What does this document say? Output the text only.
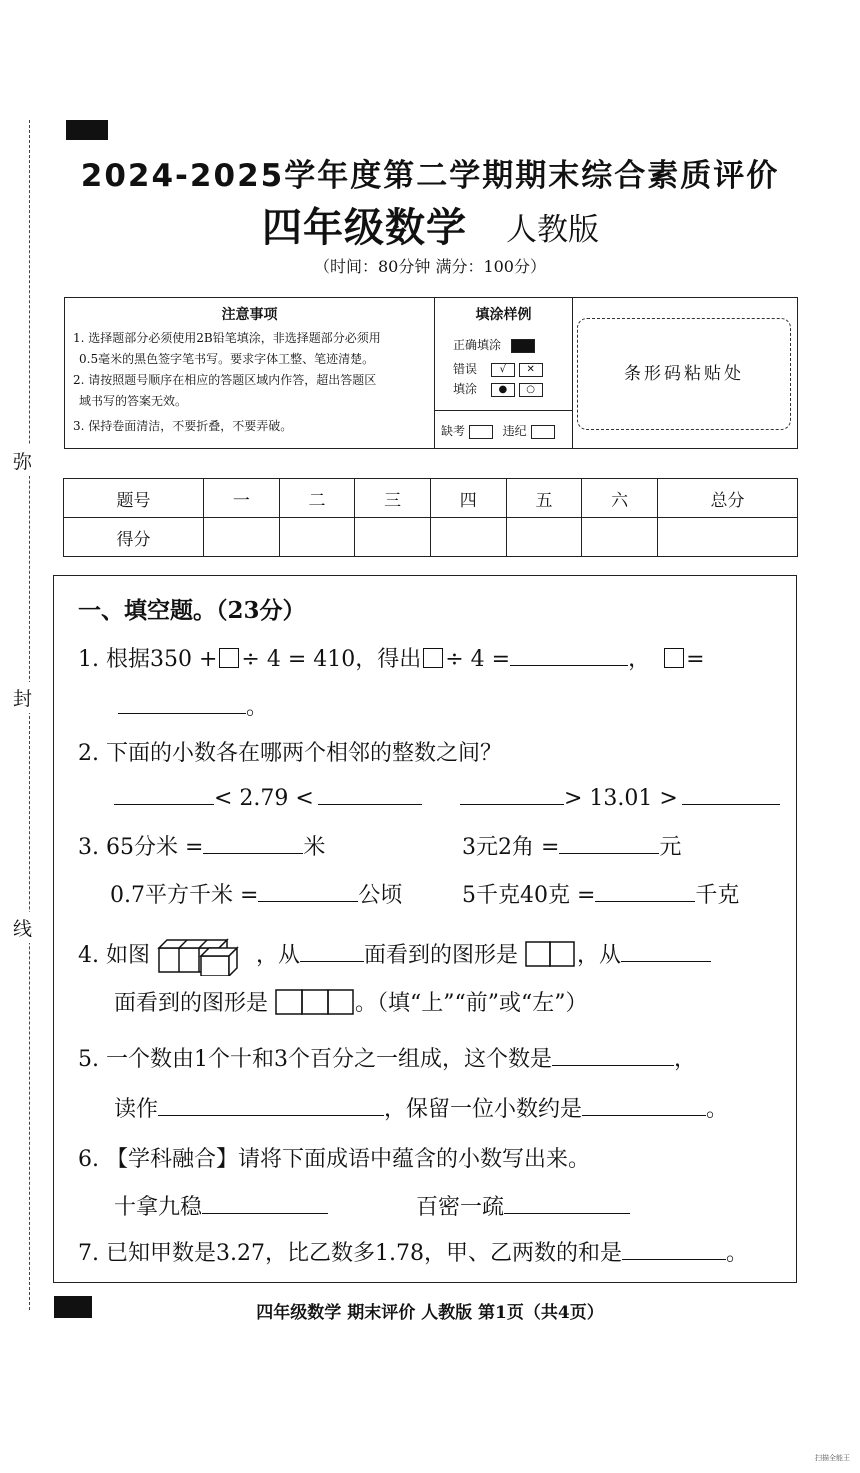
弥
封
线
2024-2025学年度第二学期期末综合素质评价
四年级数学 人教版
（时间：80分钟 满分：100分）
注意事项
1. 选择题部分必须使用2B铅笔填涂，非选择题部分必须用
0.5毫米的黑色签字笔书写。要求字体工整、笔迹清楚。
2. 请按照题号顺序在相应的答题区域内作答，超出答题区
域书写的答案无效。
3. 保持卷面清洁，不要折叠，不要弄破。
填涂样例
正确填涂
错误 √ ✕
填涂 ● ○
缺考	违纪
条形码粘贴处
题号	一	二	三	四	五	六	总分
得分							
一、填空题。（23分）
1. 根据350 + ÷ 4 = 410，得出 ÷ 4 =	， =
。
2. 下面的小数各在哪两个相邻的整数之间？
< 2.79 <	> 13.01 >
3. 65分米 =	米	3元2角 =	元
0.7平方千米 =	公顷	5千克40克 =	千克
4. 如图	，从	面看到的图形是	，从
面看到的图形是	。（填“上”“前”或“左”）
5. 一个数由1个十和3个百分之一组成，这个数是	，
读作	，保留一位小数约是	。
6. 【学科融合】请将下面成语中蕴含的小数写出来。
十拿九稳	百密一疏
7. 已知甲数是3.27，比乙数多1.78，甲、乙两数的和是	。
四年级数学 期末评价 人教版 第1页（共4页）
扫描全能王
